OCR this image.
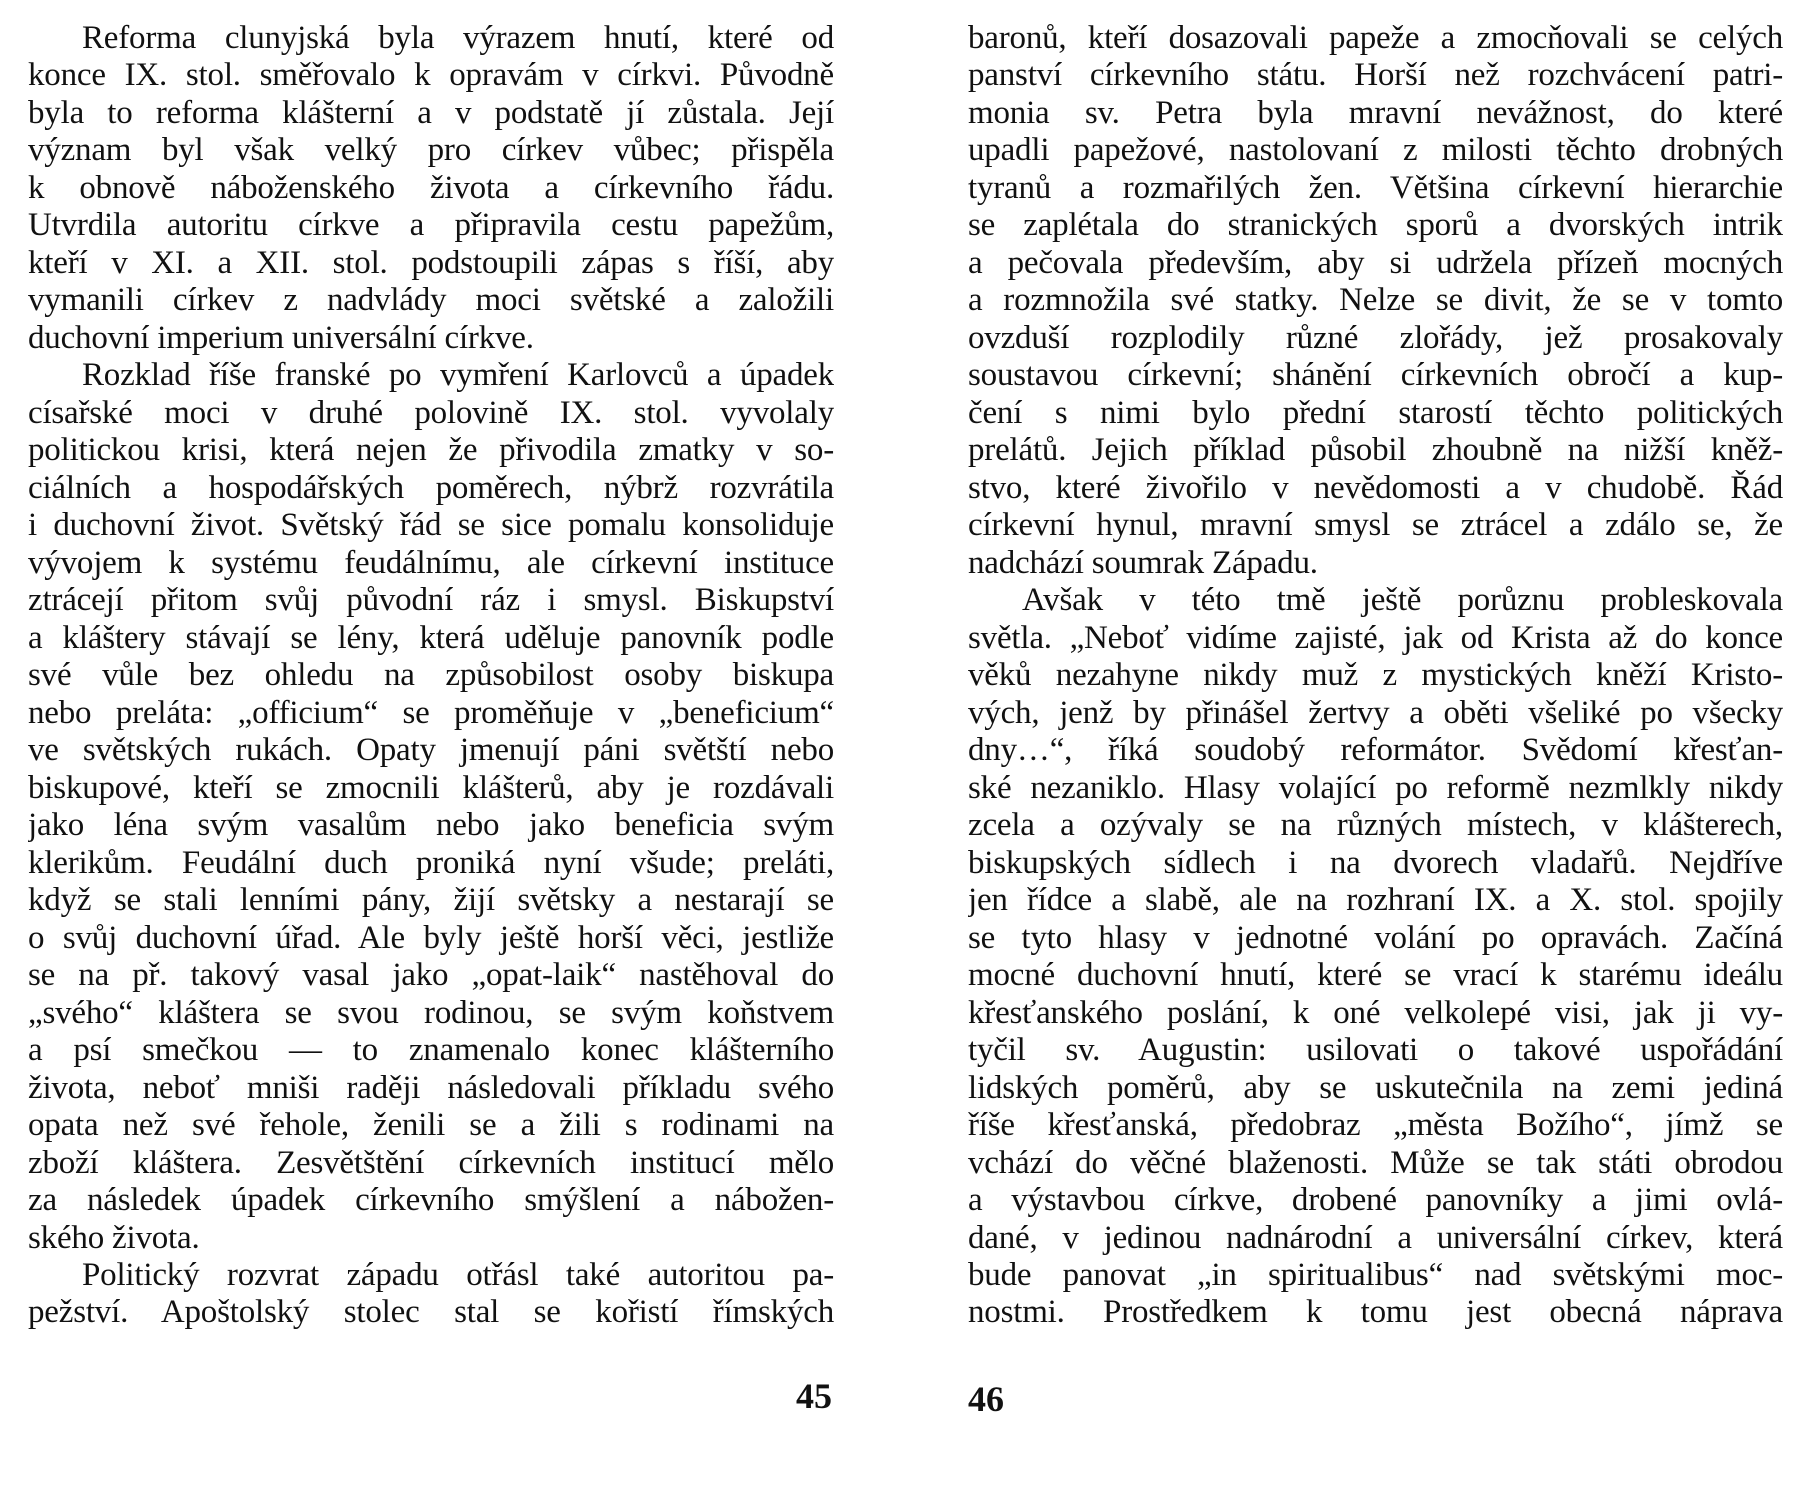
Reforma clunyjská byla výrazem hnutí, které od
konce IX. stol. směřovalo k opravám v církvi. Původně
byla to reforma klášterní a v podstatě jí zůstala. Její
význam byl však velký pro církev vůbec; přispěla
k obnově náboženského života a církevního řádu.
Utvrdila autoritu církve a připravila cestu papežům,
kteří v XI. a XII. stol. podstoupili zápas s říší, aby
vymanili církev z nadvlády moci světské a založili
duchovní imperium universální církve.
Rozklad říše franské po vymření Karlovců a úpadek
císařské moci v druhé polovině IX. stol. vyvolaly
politickou krisi, která nejen že přivodila zmatky v so-
ciálních a hospodářských poměrech, nýbrž rozvrátila
i duchovní život. Světský řád se sice pomalu konsoliduje
vývojem k systému feudálnímu, ale církevní instituce
ztrácejí přitom svůj původní ráz i smysl. Biskupství
a kláštery stávají se lény, která uděluje panovník podle
své vůle bez ohledu na způsobilost osoby biskupa
nebo preláta: „officium“ se proměňuje v „beneficium“
ve světských rukách. Opaty jmenují páni světští nebo
biskupové, kteří se zmocnili klášterů, aby je rozdávali
jako léna svým vasalům nebo jako beneficia svým
klerikům. Feudální duch proniká nyní všude; preláti,
když se stali lenními pány, žijí světsky a nestarají se
o svůj duchovní úřad. Ale byly ještě horší věci, jestliže
se na př. takový vasal jako „opat-laik“ nastěhoval do
„svého“ kláštera se svou rodinou, se svým koňstvem
a psí smečkou — to znamenalo konec klášterního
života, neboť mniši raději následovali příkladu svého
opata než své řehole, ženili se a žili s rodinami na
zboží kláštera. Zesvětštění církevních institucí mělo
za následek úpadek církevního smýšlení a nábožen-
ského života.
Politický rozvrat západu otřásl také autoritou pa-
pežství. Apoštolský stolec stal se kořistí římských
baronů, kteří dosazovali papeže a zmocňovali se celých
panství církevního státu. Horší než rozchvácení patri-
monia sv. Petra byla mravní nevážnost, do které
upadli papežové, nastolovaní z milosti těchto drobných
tyranů a rozmařilých žen. Většina církevní hierarchie
se zaplétala do stranických sporů a dvorských intrik
a pečovala především, aby si udržela přízeň mocných
a rozmnožila své statky. Nelze se divit, že se v tomto
ovzduší rozplodily různé zlořády, jež prosakovaly
soustavou církevní; shánění církevních obročí a kup-
čení s nimi bylo přední starostí těchto politických
prelátů. Jejich příklad působil zhoubně na nižší kněž-
stvo, které živořilo v nevědomosti a v chudobě. Řád
církevní hynul, mravní smysl se ztrácel a zdálo se, že
nadchází soumrak Západu.
Avšak v této tmě ještě porůznu probleskovala
světla. „Neboť vidíme zajisté, jak od Krista až do konce
věků nezahyne nikdy muž z mystických kněží Kristo-
vých, jenž by přinášel žertvy a oběti všeliké po všecky
dny…“, říká soudobý reformátor. Svědomí křesťan-
ské nezaniklo. Hlasy volající po reformě nezmlkly nikdy
zcela a ozývaly se na různých místech, v klášterech,
biskupských sídlech i na dvorech vladařů. Nejdříve
jen řídce a slabě, ale na rozhraní IX. a X. stol. spojily
se tyto hlasy v jednotné volání po opravách. Začíná
mocné duchovní hnutí, které se vrací k starému ideálu
křesťanského poslání, k oné velkolepé visi, jak ji vy-
tyčil sv. Augustin: usilovati o takové uspořádání
lidských poměrů, aby se uskutečnila na zemi jediná
říše křesťanská, předobraz „města Božího“, jímž se
vchází do věčné blaženosti. Může se tak státi obrodou
a výstavbou církve, drobené panovníky a jimi ovlá-
dané, v jedinou nadnárodní a universální církev, která
bude panovat „in spiritualibus“ nad světskými moc-
nostmi. Prostředkem k tomu jest obecná náprava
45	46
